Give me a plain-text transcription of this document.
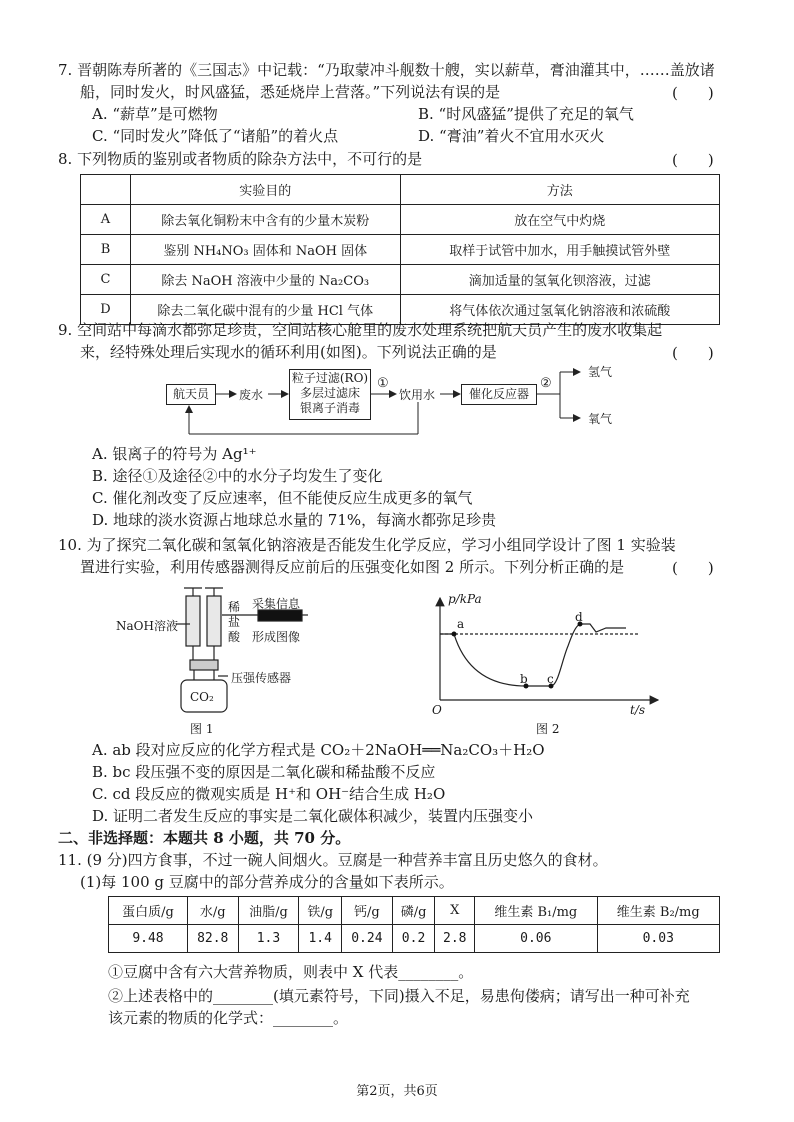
7. 晋朝陈寿所著的《三国志》中记载：“乃取蒙冲斗舰数十艘，实以薪草，膏油灌其中，……盖放诸
船，同时发火，时风盛猛，悉延烧岸上营落。”下列说法有误的是	(　　)
A. “薪草”是可燃物	B. “时风盛猛”提供了充足的氧气
C. “同时发火”降低了“诸船”的着火点	D. “膏油”着火不宜用水灭火
8. 下列物质的鉴别或者物质的除杂方法中，不可行的是	(　　)
	实验目的	方法
A	除去氧化铜粉末中含有的少量木炭粉	放在空气中灼烧
B	鉴别 NH₄NO₃ 固体和 NaOH 固体	取样于试管中加水，用手触摸试管外壁
C	除去 NaOH 溶液中少量的 Na₂CO₃	滴加适量的氢氧化钡溶液，过滤
D	除去二氧化碳中混有的少量 HCl 气体	将气体依次通过氢氧化钠溶液和浓硫酸
9. 空间站中每滴水都弥足珍贵，空间站核心舱里的废水处理系统把航天员产生的废水收集起
来，经特殊处理后实现水的循环利用(如图)。下列说法正确的是	(　　)
航天员	废水
粒子过滤(RO)
多层过滤床
银离子消毒
①
饮用水	催化反应器
②
氢气
氧气
A. 银离子的符号为 Ag¹⁺
B. 途径①及途径②中的水分子均发生了变化
C. 催化剂改变了反应速率，但不能使反应生成更多的氧气
D. 地球的淡水资源占地球总水量的 71%，每滴水都弥足珍贵
10. 为了探究二氧化碳和氢氧化钠溶液是否能发生化学反应，学习小组同学设计了图 1 实验装
置进行实验，利用传感器测得反应前后的压强变化如图 2 所示。下列分析正确的是	(　　)
NaOH溶液
稀
盐
酸
采集信息
形成图像
压强传感器
CO₂
图 1
p/kPa
t/s
O
a
b c
d
图 2
A. ab 段对应反应的化学方程式是 CO₂＋2NaOH══Na₂CO₃＋H₂O
B. bc 段压强不变的原因是二氧化碳和稀盐酸不反应
C. cd 段反应的微观实质是 H⁺和 OH⁻结合生成 H₂O
D. 证明二者发生反应的事实是二氧化碳体积减少，装置内压强变小
二、非选择题：本题共 8 小题，共 70 分。
11. (9 分)四方食事，不过一碗人间烟火。豆腐是一种营养丰富且历史悠久的食材。
(1)每 100 g 豆腐中的部分营养成分的含量如下表所示。
蛋白质/g	水/g	油脂/g	铁/g	钙/g	磷/g	X	维生素 B₁/mg	维生素 B₂/mg
9.48	82.8	1.3	1.4	0.24	0.2	2.8	0.06	0.03
①豆腐中含有六大营养物质，则表中 X 代表________。
②上述表格中的________(填元素符号，下同)摄入不足，易患佝偻病；请写出一种可补充
该元素的物质的化学式：________。
第2页，共6页
